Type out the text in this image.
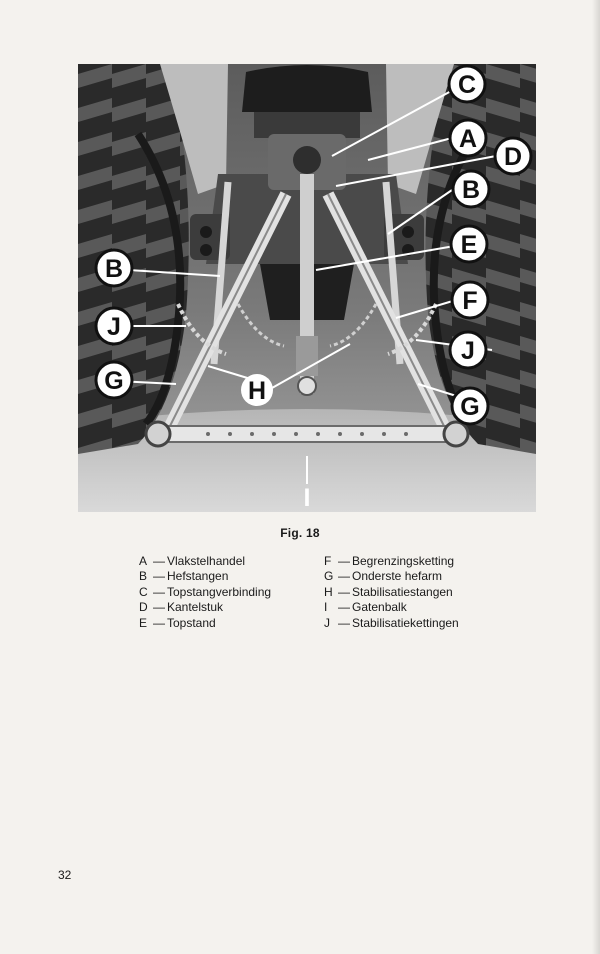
C
A
D
B
B
E
F
J
J
G
G
H
I
Fig. 18
A — Vlakstelhandel
B — Hefstangen
C — Topstangverbinding
D — Kantelstuk
E — Topstand
F — Begrenzingsketting
G — Onderste hefarm
H — Stabilisatiestangen
I — Gatenbalk
J — Stabilisatiekettingen
32
